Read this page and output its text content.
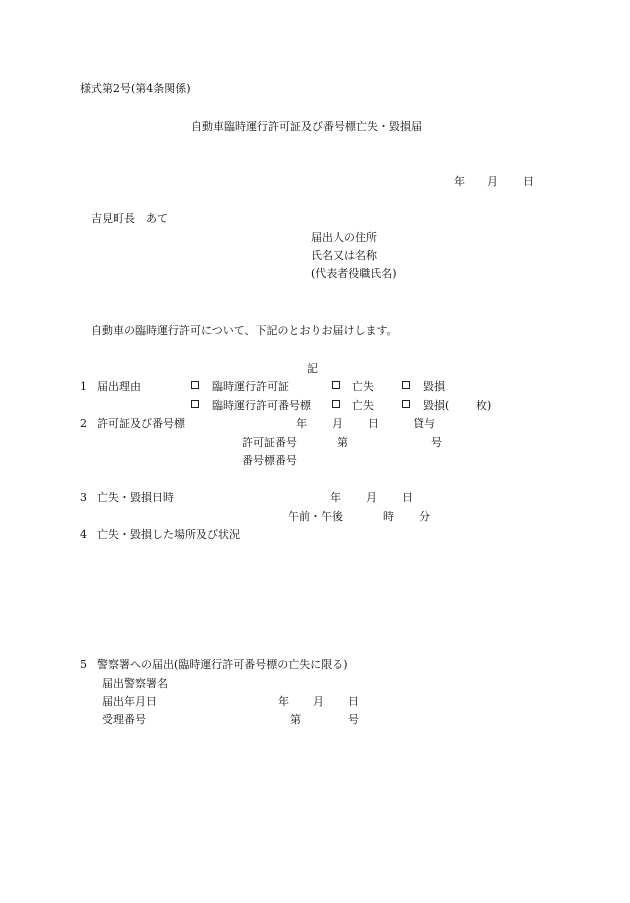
様式第2号(第4条関係)
自動車臨時運行許可証及び番号標亡失・毀損届
年 月 日
吉見町長　あて
届出人の住所
氏名又は名称
(代表者役職氏名)
自動車の臨時運行許可について、下記のとおりお届けします。
記
1 届出理由	臨時運行許可証	亡失	毀損
臨時運行許可番号標	亡失	毀損( 枚)
2 許可証及び番号標	年 月 日	貸与
許可証番号	第	号
番号標番号
3 亡失・毀損日時	年 月 日
午前・午後	時 分
4 亡失・毀損した場所及び状況
5 警察署への届出(臨時運行許可番号標の亡失に限る)
届出警察署名
届出年月日	年 月 日
受理番号	第	号
